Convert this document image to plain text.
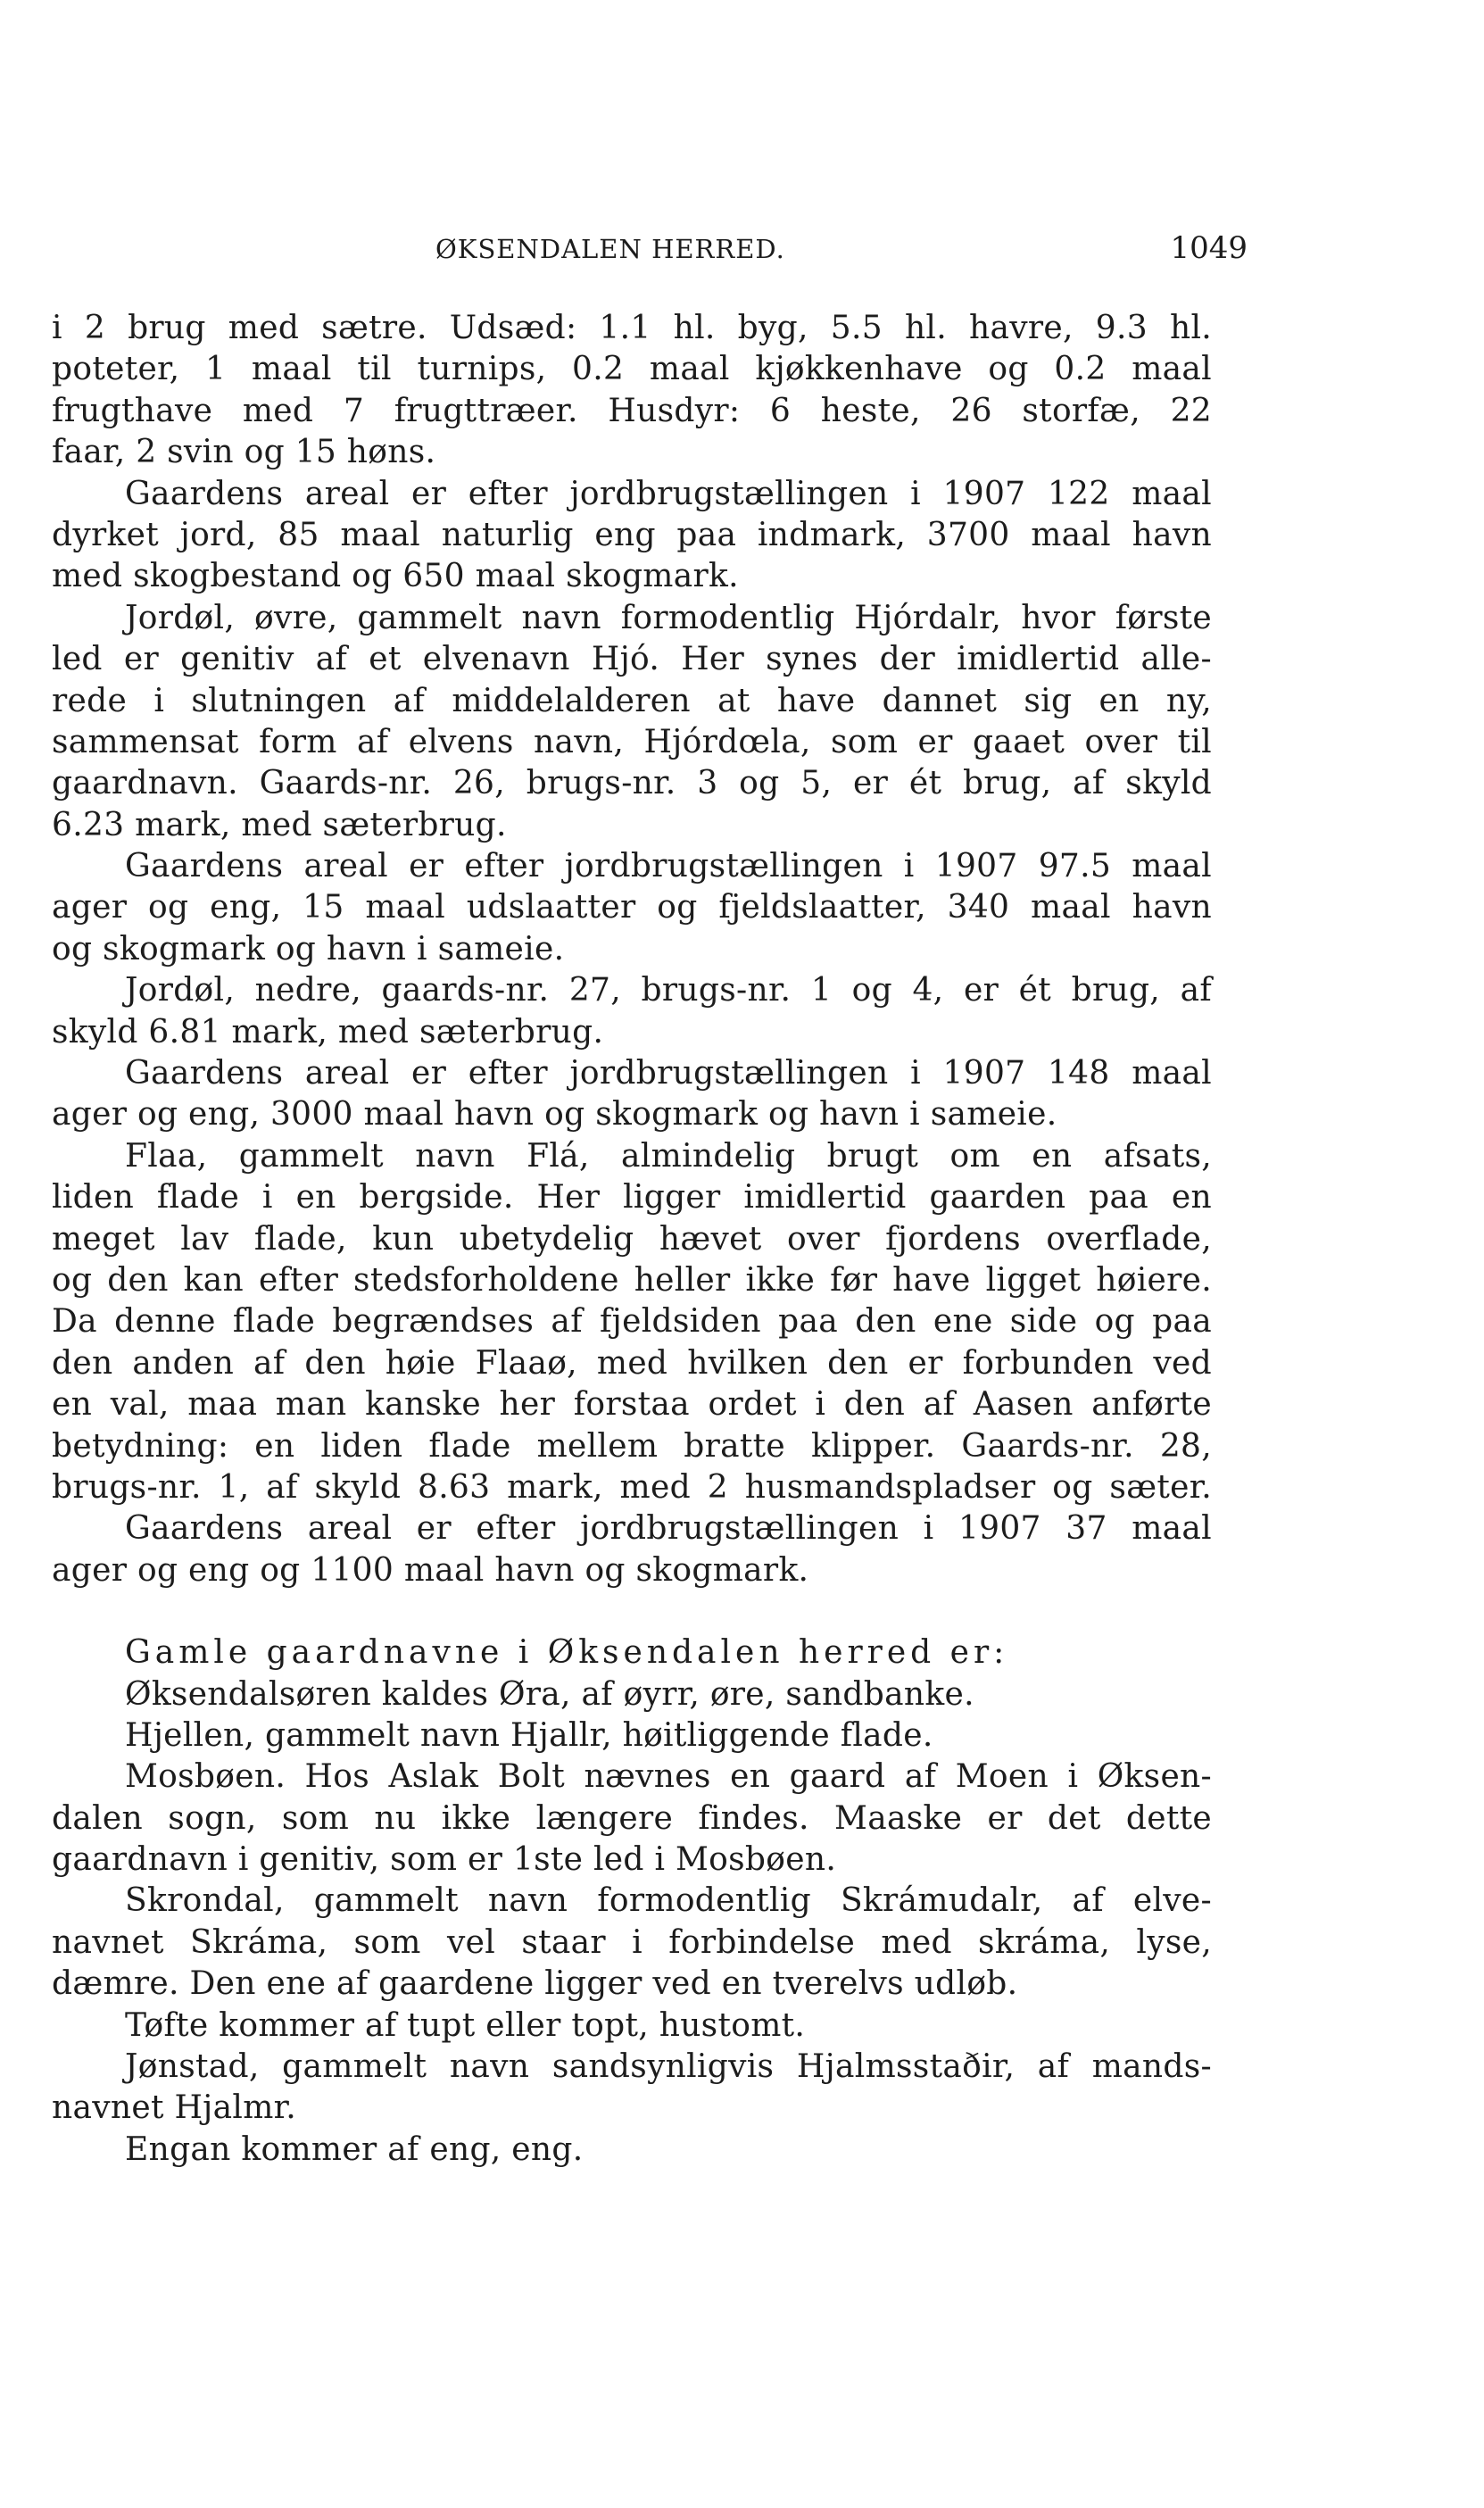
ØKSENDALEN HERRED.	1049
i 2 brug med sætre. Udsæd: 1.1 hl. byg, 5.5 hl. havre, 9.3 hl.
poteter, 1 maal til turnips, 0.2 maal kjøkkenhave og 0.2 maal
frugthave med 7 frugttræer. Husdyr: 6 heste, 26 storfæ, 22
faar, 2 svin og 15 høns.
Gaardens areal er efter jordbrugstællingen i 1907 122 maal
dyrket jord, 85 maal naturlig eng paa indmark, 3700 maal havn
med skogbestand og 650 maal skogmark.
Jordøl, øvre, gammelt navn formodentlig Hjórdalr, hvor første
led er genitiv af et elvenavn Hjó. Her synes der imidlertid alle-
rede i slutningen af middelalderen at have dannet sig en ny,
sammensat form af elvens navn, Hjórdœla, som er gaaet over til
gaardnavn. Gaards-nr. 26, brugs-nr. 3 og 5, er ét brug, af skyld
6.23 mark, med sæterbrug.
Gaardens areal er efter jordbrugstællingen i 1907 97.5 maal
ager og eng, 15 maal udslaatter og fjeldslaatter, 340 maal havn
og skogmark og havn i sameie.
Jordøl, nedre, gaards-nr. 27, brugs-nr. 1 og 4, er ét brug, af
skyld 6.81 mark, med sæterbrug.
Gaardens areal er efter jordbrugstællingen i 1907 148 maal
ager og eng, 3000 maal havn og skogmark og havn i sameie.
Flaa, gammelt navn Flá, almindelig brugt om en afsats,
liden flade i en bergside. Her ligger imidlertid gaarden paa en
meget lav flade, kun ubetydelig hævet over fjordens overflade,
og den kan efter stedsforholdene heller ikke før have ligget høiere.
Da denne flade begrændses af fjeldsiden paa den ene side og paa
den anden af den høie Flaaø, med hvilken den er forbunden ved
en val, maa man kanske her forstaa ordet i den af Aasen anførte
betydning: en liden flade mellem bratte klipper. Gaards-nr. 28,
brugs-nr. 1, af skyld 8.63 mark, med 2 husmandspladser og sæter.
Gaardens areal er efter jordbrugstællingen i 1907 37 maal
ager og eng og 1100 maal havn og skogmark.
Gamle gaardnavne i Øksendalen herred er:
Øksendalsøren kaldes Øra, af øyrr, øre, sandbanke.
Hjellen, gammelt navn Hjallr, høitliggende flade.
Mosbøen. Hos Aslak Bolt nævnes en gaard af Moen i Øksen-
dalen sogn, som nu ikke længere findes. Maaske er det dette
gaardnavn i genitiv, som er 1ste led i Mosbøen.
Skrondal, gammelt navn formodentlig Skrámudalr, af elve-
navnet Skráma, som vel staar i forbindelse med skráma, lyse,
dæmre. Den ene af gaardene ligger ved en tverelvs udløb.
Tøfte kommer af tupt eller topt, hustomt.
Jønstad, gammelt navn sandsynligvis Hjalmsstaðir, af mands-
navnet Hjalmr.
Engan kommer af eng, eng.
